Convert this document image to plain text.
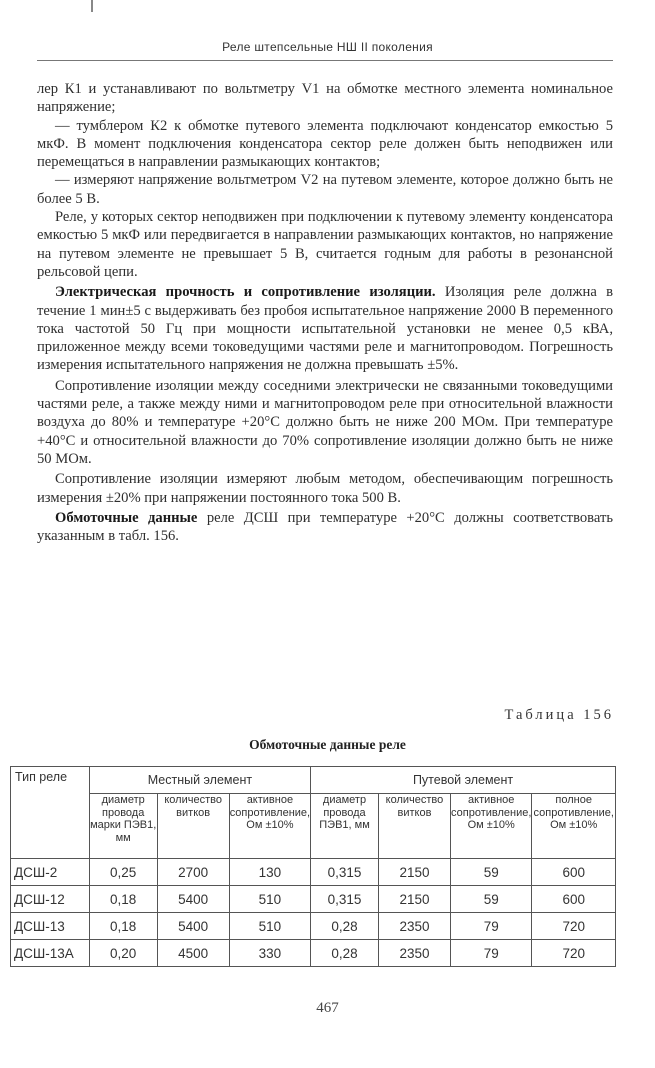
Реле штепсельные НШ II поколения

лер К1 и устанавливают по вольтметру V1 на обмотке местного элемента номинальное напряжение;

— тумблером К2 к обмотке путевого элемента подключают конденсатор емкостью 5 мкФ. В момент подключения конденсатора сектор реле должен быть неподвижен или перемещаться в направлении размыкающих контактов;

— измеряют напряжение вольтметром V2 на путевом элементе, которое должно быть не более 5 В.

Реле, у которых сектор неподвижен при подключении к путевому элементу конденсатора емкостью 5 мкФ или передвигается в направлении размыкающих контактов, но напряжение на путевом элементе не превышает 5 В, считается годным для работы в резонансной рельсовой цепи.

Электрическая прочность и сопротивление изоляции. Изоляция реле должна в течение 1 мин±5 с выдерживать без пробоя испытательное напряжение 2000 В переменного тока частотой 50 Гц при мощности испытательной установки не менее 0,5 кВА, приложенное между всеми токоведущими частями реле и магнитопроводом. Погрешность измерения испытательного напряжения не должна превышать ±5%.

Сопротивление изоляции между соседними электрически не связанными токоведущими частями реле, а также между ними и магнитопроводом реле при относительной влажности воздуха до 80% и температуре +20°С должно быть не ниже 200 МОм. При температуре +40°С и относительной влажности до 70% сопротивление изоляции должно быть не ниже 50 МОм.

Сопротивление изоляции измеряют любым методом, обеспечивающим погрешность измерения ±20% при напряжении постоянного тока 500 В.

Обмоточные данные реле ДСШ при температуре +20°С должны соответствовать указанным в табл. 156.

Таблица 156
Обмоточные данные реле
Тип реле	Местный элемент			Путевой элемент			
	диаметр провода марки ПЭВ1, мм	количество витков	активное сопротивление, Ом ±10%	диаметр провода ПЭВ1, мм	количество витков	активное сопротивление, Ом ±10%	полное сопротивление, Ом ±10%
ДСШ-2	0,25	2700	130	0,315	2150	59	600
ДСШ-12	0,18	5400	510	0,315	2150	59	600
ДСШ-13	0,18	5400	510	0,28	2350	79	720
ДСШ-13А	0,20	4500	330	0,28	2350	79	720
467
